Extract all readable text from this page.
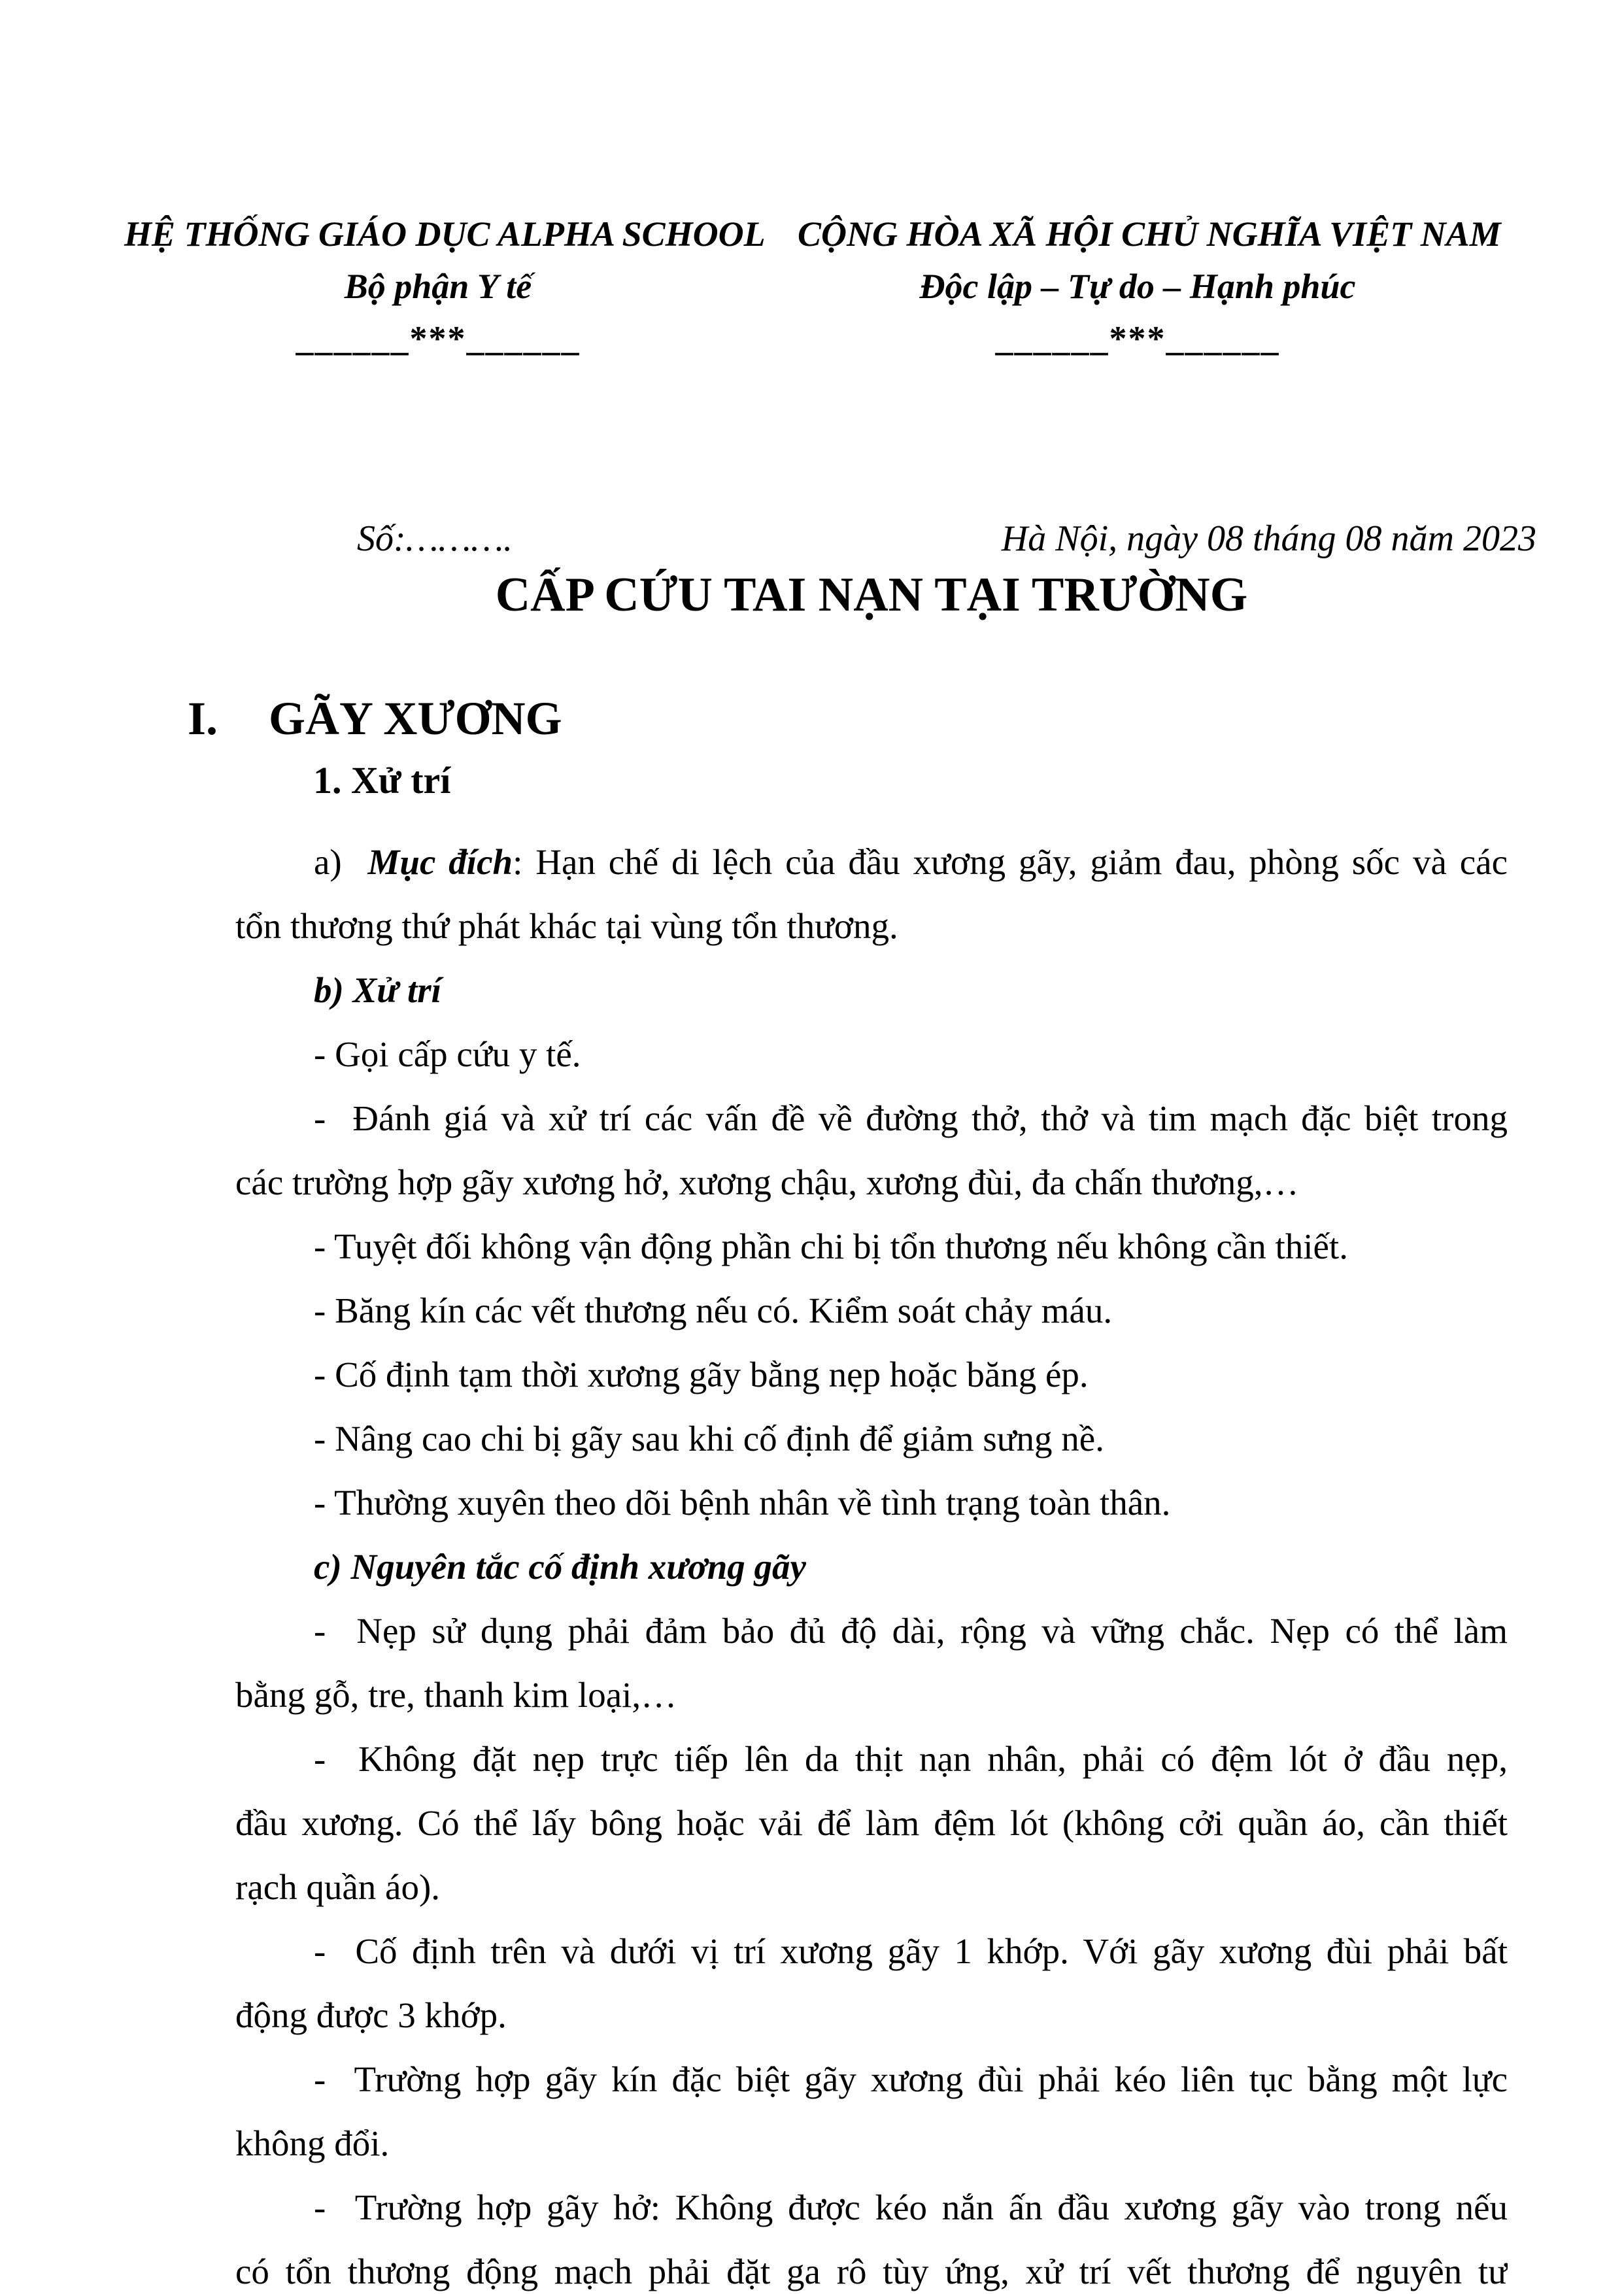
HỆ THỐNG GIÁO DỤC ALPHA SCHOOL
Bộ phận Y tế
______***______
CỘNG HÒA XÃ HỘI CHỦ NGHĨA VIỆT NAM
Độc lập – Tự do – Hạnh phúc
______***______
Số:……….	Hà Nội, ngày 08 tháng 08 năm 2023
CẤP CỨU TAI NẠN TẠI TRƯỜNG
I. GÃY XƯƠNG
1. Xử trí
a)  Mục đích: Hạn chế di lệch của đầu xương gãy, giảm đau, phòng sốc và các
tổn thương thứ phát khác tại vùng tổn thương.
b) Xử trí
- Gọi cấp cứu y tế.
-  Đánh giá và xử trí các vấn đề về đường thở, thở và tim mạch đặc biệt trong
các trường hợp gãy xương hở, xương chậu, xương đùi, đa chấn thương,…
- Tuyệt đối không vận động phần chi bị tổn thương nếu không cần thiết.
- Băng kín các vết thương nếu có. Kiểm soát chảy máu.
- Cố định tạm thời xương gãy bằng nẹp hoặc băng ép.
- Nâng cao chi bị gãy sau khi cố định để giảm sưng nề.
- Thường xuyên theo dõi bệnh nhân về tình trạng toàn thân.
c) Nguyên tắc cố định xương gãy
-  Nẹp sử dụng phải đảm bảo đủ độ dài, rộng và vững chắc. Nẹp có thể làm
bằng gỗ, tre, thanh kim loại,…
-  Không đặt nẹp trực tiếp lên da thịt nạn nhân, phải có đệm lót ở đầu nẹp,
đầu xương. Có thể lấy bông hoặc vải để làm đệm lót (không cởi quần áo, cần thiết
rạch quần áo).
-  Cố định trên và dưới vị trí xương gãy 1 khớp. Với gãy xương đùi phải bất
động được 3 khớp.
-  Trường hợp gãy kín đặc biệt gãy xương đùi phải kéo liên tục bằng một lực
không đổi.
-  Trường hợp gãy hở: Không được kéo nắn ấn đầu xương gãy vào trong nếu
có tổn thương động mạch phải đặt ga rô tùy ứng, xử trí vết thương để nguyên tư
